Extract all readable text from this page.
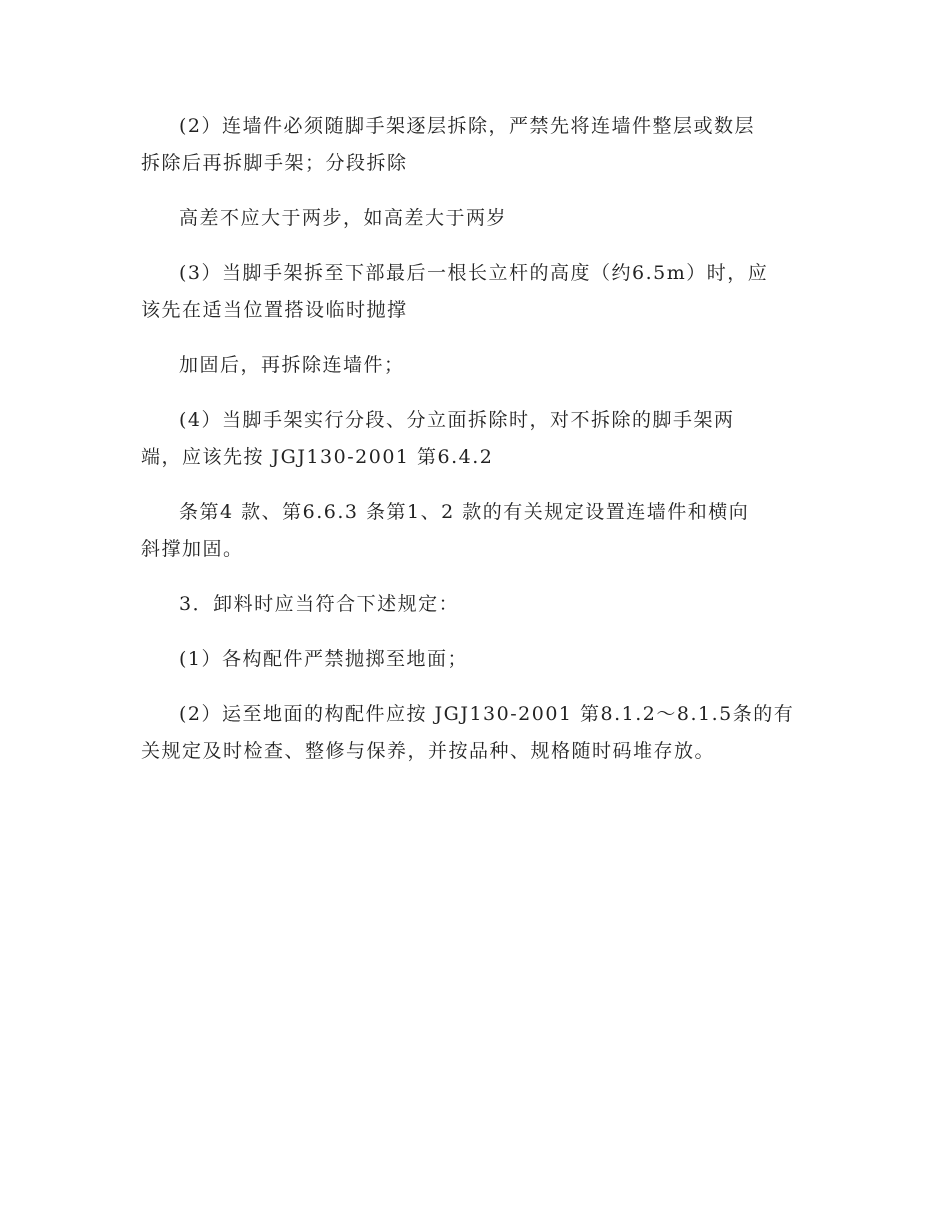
(2）连墙件必须随脚手架逐层拆除，严禁先将连墙件整层或数层
拆除后再拆脚手架；分段拆除

高差不应大于两步，如高差大于两岁

(3）当脚手架拆至下部最后一根长立杆的高度（约6.5m）时，应
该先在适当位置搭设临时抛撑

加固后，再拆除连墙件；

(4）当脚手架实行分段、分立面拆除时，对不拆除的脚手架两
端，应该先按 JGJ130-2001 第6.4.2

条第4 款、第6.6.3 条第1、2 款的有关规定设置连墙件和横向
斜撑加固。

3．卸料时应当符合下述规定：

(1）各构配件严禁抛掷至地面；

(2）运至地面的构配件应按 JGJ130-2001 第8.1.2～8.1.5条的有
关规定及时检查、整修与保养，并按品种、规格随时码堆存放。
